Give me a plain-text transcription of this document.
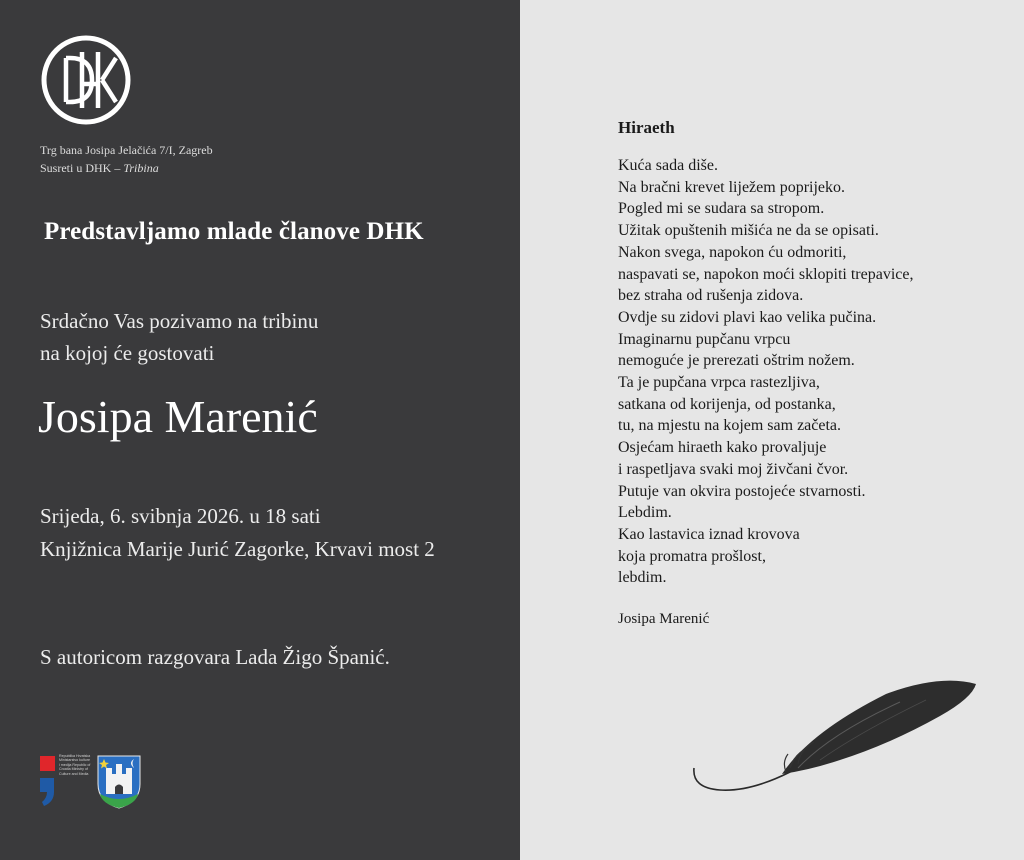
Trg bana Josipa Jelačića 7/I, Zagreb
Susreti u DHK – Tribina
Predstavljamo mlade članove DHK
Srdačno Vas pozivamo na tribinu
na kojoj će gostovati
Josipa Marenić
Srijeda, 6. svibnja 2026. u 18 sati
Knjižnica Marije Jurić Zagorke, Krvavi most 2
S autoricom razgovara Lada Žigo Španić.
Republika Hrvatska Ministarstvo kulture i medija Republic of Croatia Ministry of Culture and Media
Hiraeth
Kuća sada diše.
Na bračni krevet liježem poprijeko.
Pogled mi se sudara sa stropom.
Užitak opuštenih mišića ne da se opisati.
Nakon svega, napokon ću odmoriti,
naspavati se, napokon moći sklopiti trepavice,
bez straha od rušenja zidova.
Ovdje su zidovi plavi kao velika pučina.
Imaginarnu pupčanu vrpcu
nemoguće je prerezati oštrim nožem.
Ta je pupčana vrpca rastezljiva,
satkana od korijenja, od postanka,
tu, na mjestu na kojem sam začeta.
Osjećam hiraeth kako provaljuje
i raspetljava svaki moj živčani čvor.
Putuje van okvira postojeće stvarnosti.
Lebdim.
Kao lastavica iznad krovova
koja promatra prošlost,
lebdim.
Josipa Marenić
